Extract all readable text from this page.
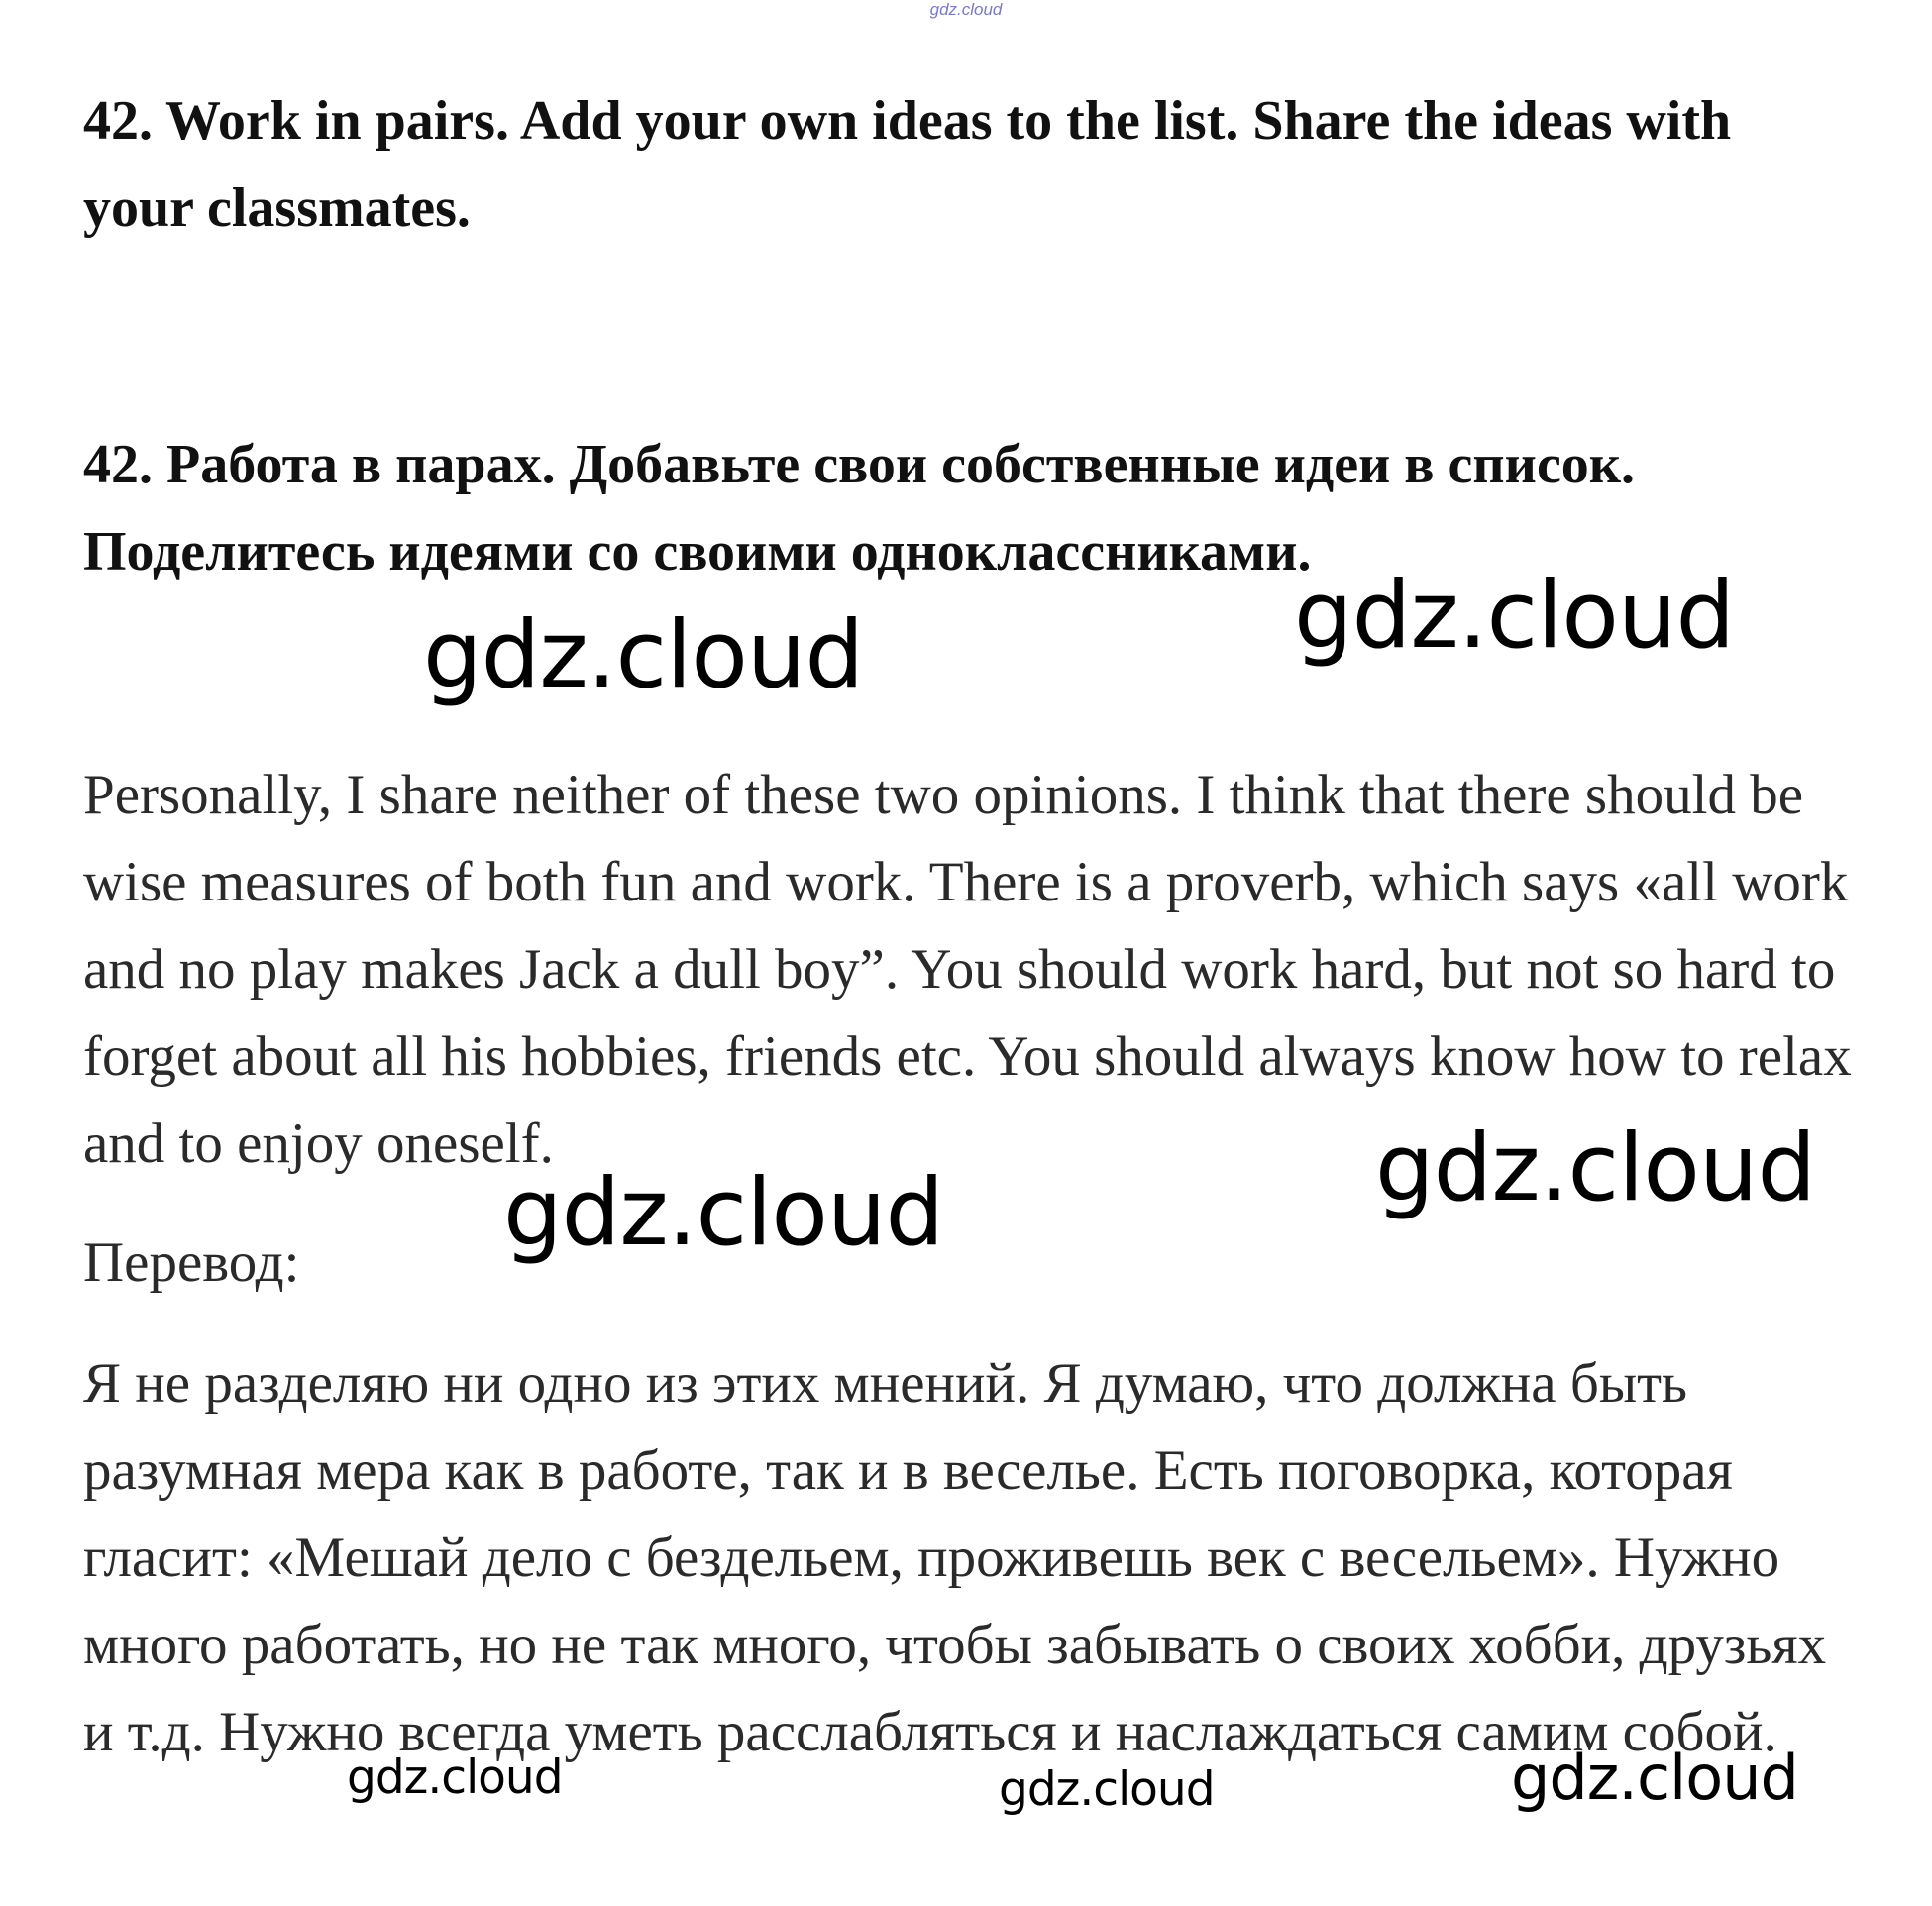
gdz.cloud

42. Work in pairs. Add your own ideas to the list. Share the ideas with your classmates.

42. Работа в парах. Добавьте свои собственные идеи в список. Поделитесь идеями со своими одноклассниками.

Personally, I share neither of these two opinions. I think that there should be wise measures of both fun and work. There is a proverb, which says «all work and no play makes Jack a dull boy”. You should work hard, but not so hard to forget about all his hobbies, friends etc. You should always know how to relax and to enjoy oneself.

Перевод:

Я не разделяю ни одно из этих мнений. Я думаю, что должна быть разумная мера как в работе, так и в веселье. Есть поговорка, которая гласит: «Мешай дело с бездельем, проживешь век с весельем». Нужно много работать, но не так много, чтобы забывать о своих хобби, друзьях и т.д. Нужно всегда уметь расслабляться и наслаждаться самим собой.

gdz.cloud	gdz.cloud
gdz.cloud
gdz.cloud
gdz.cloud	gdz.cloud	gdz.cloud
